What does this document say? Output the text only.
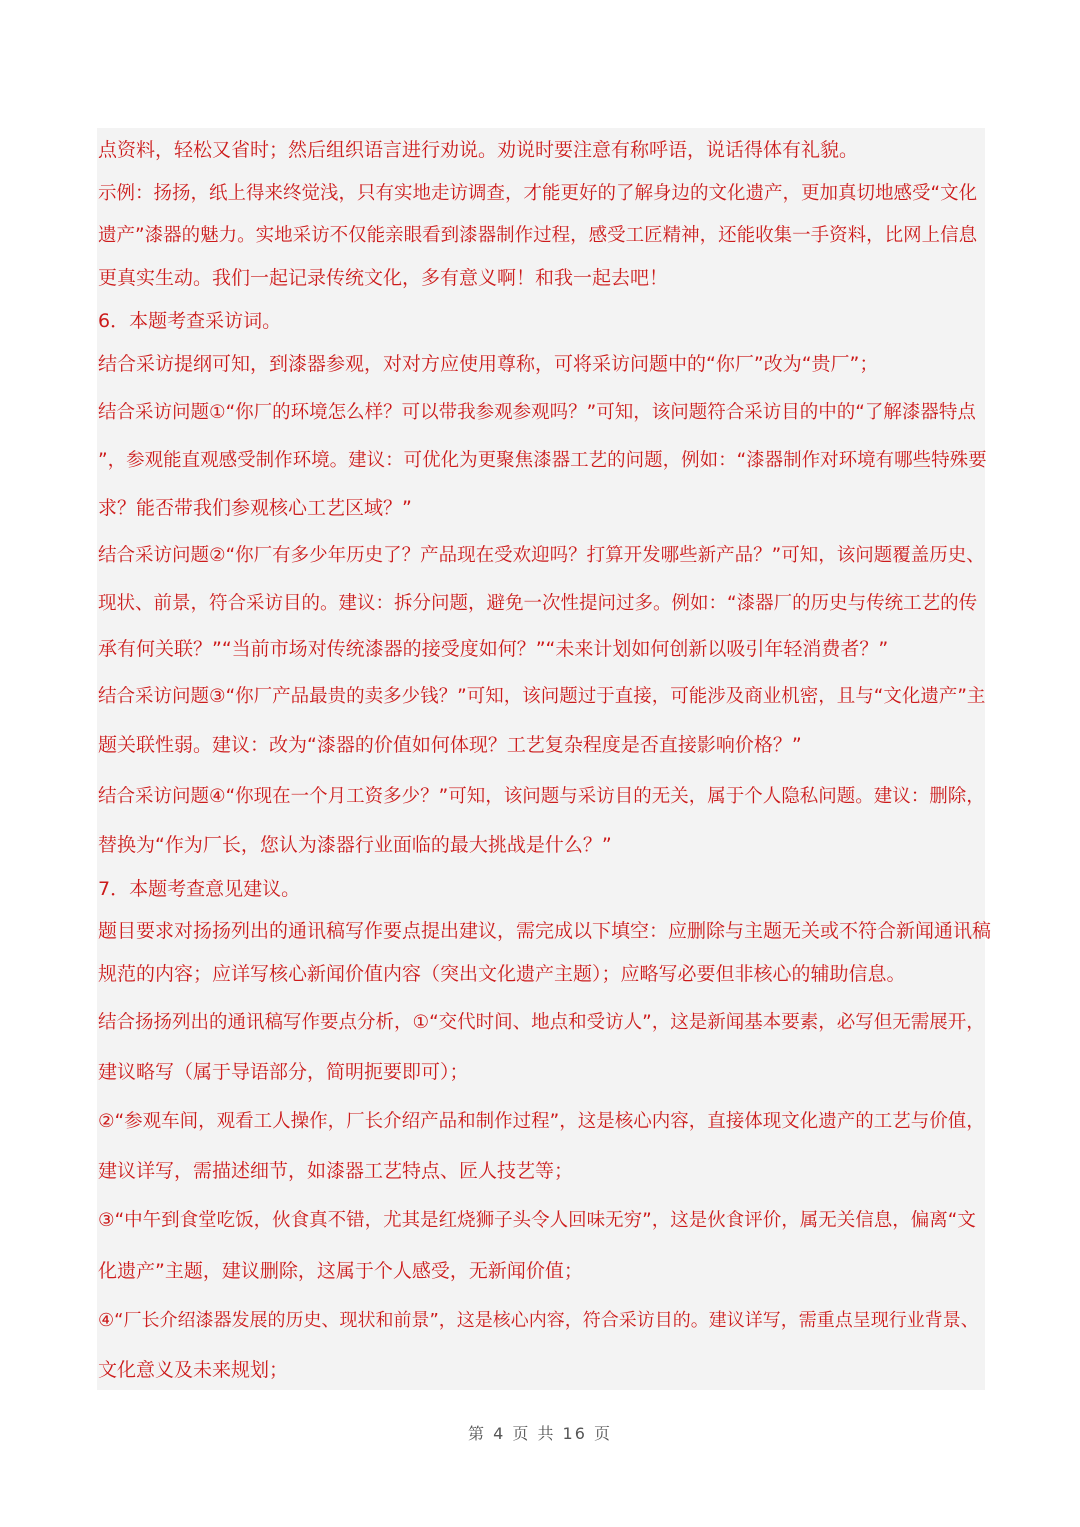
点资料，轻松又省时；然后组织语言进行劝说。劝说时要注意有称呼语，说话得体有礼貌。
示例：扬扬，纸上得来终觉浅，只有实地走访调查，才能更好的了解身边的文化遗产，更加真切地感受“文化
遗产”漆器的魅力。实地采访不仅能亲眼看到漆器制作过程，感受工匠精神，还能收集一手资料，比网上信息
更真实生动。我们一起记录传统文化，多有意义啊！和我一起去吧！
6．本题考查采访词。
结合采访提纲可知，到漆器参观，对对方应使用尊称，可将采访问题中的“你厂”改为“贵厂”；
结合采访问题①“你厂的环境怎么样？可以带我参观参观吗？”可知，该问题符合采访目的中的“了解漆器特点
”，参观能直观感受制作环境。建议：可优化为更聚焦漆器工艺的问题，例如：“漆器制作对环境有哪些特殊要
求？能否带我们参观核心工艺区域？”
结合采访问题②“你厂有多少年历史了？产品现在受欢迎吗？打算开发哪些新产品？”可知，该问题覆盖历史、
现状、前景，符合采访目的。建议：拆分问题，避免一次性提问过多。例如：“漆器厂的历史与传统工艺的传
承有何关联？”“当前市场对传统漆器的接受度如何？”“未来计划如何创新以吸引年轻消费者？”
结合采访问题③“你厂产品最贵的卖多少钱？”可知，该问题过于直接，可能涉及商业机密，且与“文化遗产”主
题关联性弱。建议：改为“漆器的价值如何体现？工艺复杂程度是否直接影响价格？”
结合采访问题④“你现在一个月工资多少？”可知，该问题与采访目的无关，属于个人隐私问题。建议：删除，
替换为“作为厂长，您认为漆器行业面临的最大挑战是什么？”
7．本题考查意见建议。
题目要求对扬扬列出的通讯稿写作要点提出建议，需完成以下填空：应删除与主题无关或不符合新闻通讯稿
规范的内容；应详写核心新闻价值内容（突出文化遗产主题）；应略写必要但非核心的辅助信息。
结合扬扬列出的通讯稿写作要点分析，①“交代时间、地点和受访人”，这是新闻基本要素，必写但无需展开，
建议略写（属于导语部分，简明扼要即可）；
②“参观车间，观看工人操作，厂长介绍产品和制作过程”，这是核心内容，直接体现文化遗产的工艺与价值，
建议详写，需描述细节，如漆器工艺特点、匠人技艺等；
③“中午到食堂吃饭，伙食真不错，尤其是红烧狮子头令人回味无穷”，这是伙食评价，属无关信息，偏离“文
化遗产”主题，建议删除，这属于个人感受，无新闻价值；
④“厂长介绍漆器发展的历史、现状和前景”，这是核心内容，符合采访目的。建议详写，需重点呈现行业背景、
文化意义及未来规划；
第 4 页 共 16 页
